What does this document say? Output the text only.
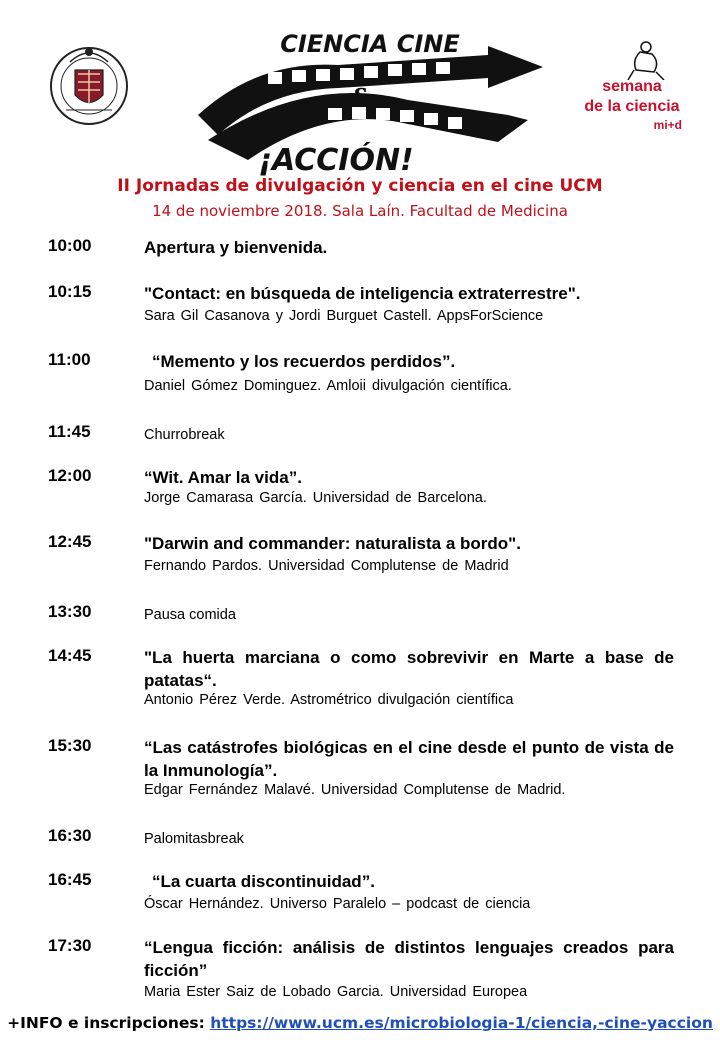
CIENCIA CINE
&
¡ACCIÓN!
semana
de la ciencia
mi+d
II Jornadas de divulgación y ciencia en el cine UCM
14 de noviembre 2018. Sala Laín. Facultad de Medicina
10:00	Apertura y bienvenida.
10:15	"Contact: en búsqueda de inteligencia extraterrestre".
Sara Gil Casanova y Jordi Burguet Castell. AppsForScience
11:00	“Memento y los recuerdos perdidos”.
Daniel Gómez Dominguez. Amloii divulgación científica.
11:45	Churrobreak
12:00	“Wit. Amar la vida”.
Jorge Camarasa García. Universidad de Barcelona.
12:45	"Darwin and commander: naturalista a bordo".
Fernando Pardos. Universidad Complutense de Madrid
13:30	Pausa comida
14:45	"La huerta marciana o como sobrevivir en Marte a base de patatas“.
Antonio Pérez Verde. Astrométrico divulgación científica
15:30	“Las catástrofes biológicas en el cine desde el punto de vista de la Inmunología”.
Edgar Fernández Malavé. Universidad Complutense de Madrid.
16:30	Palomitasbreak
16:45	“La cuarta discontinuidad”.
Óscar Hernández. Universo Paralelo – podcast de ciencia
17:30	“Lengua ficción: análisis de distintos lenguajes creados para ficción”
Maria Ester Saiz de Lobado Garcia. Universidad Europea
+INFO e inscripciones: https://www.ucm.es/microbiologia-1/ciencia,-cine-yaccion
